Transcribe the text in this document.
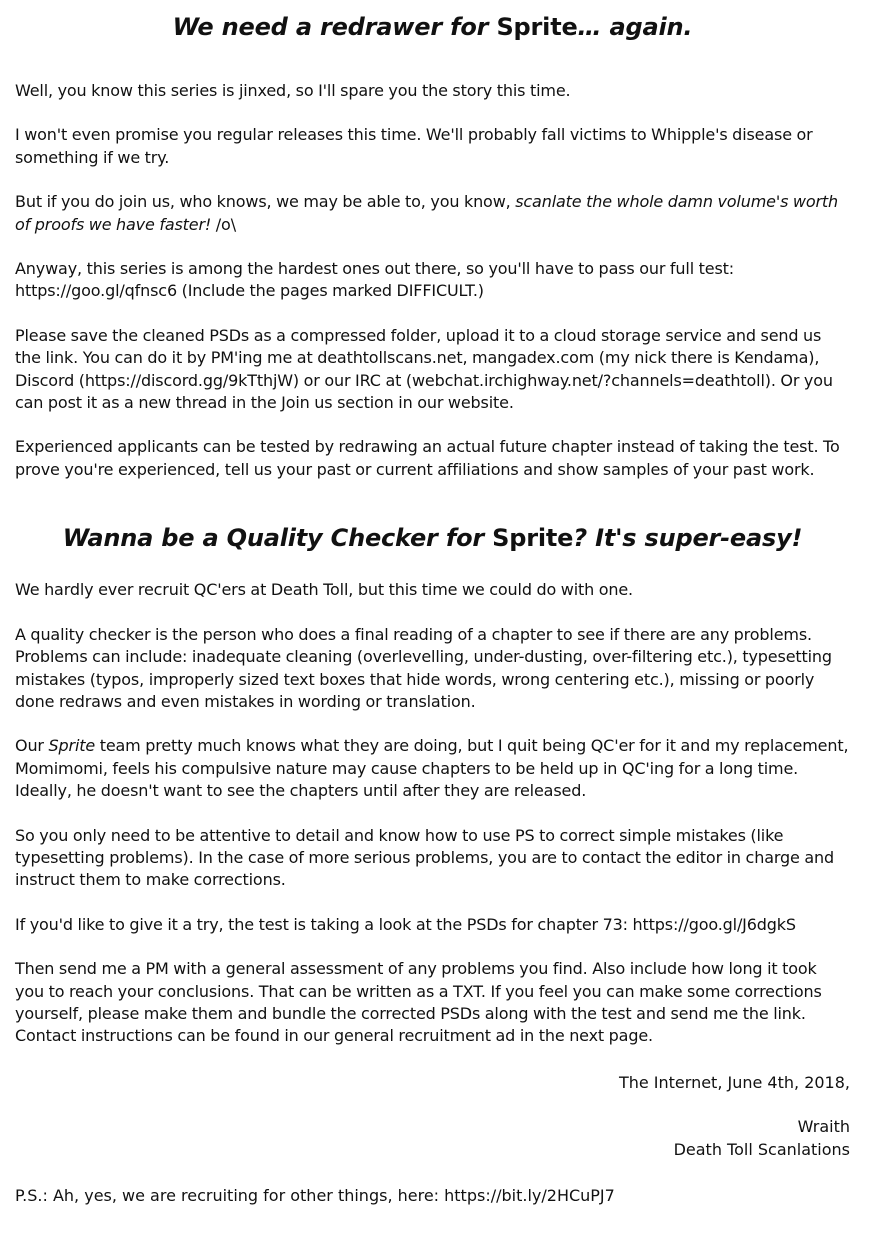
We need a redrawer for Sprite… again.

Well, you know this series is jinxed, so I'll spare you the story this time.

I won't even promise you regular releases this time. We'll probably fall victims to Whipple's disease or something if we try.

But if you do join us, who knows, we may be able to, you know, scanlate the whole damn volume's worth of proofs we have faster! /o\

Anyway, this series is among the hardest ones out there, so you'll have to pass our full test: https://goo.gl/qfnsc6 (Include the pages marked DIFFICULT.)

Please save the cleaned PSDs as a compressed folder, upload it to a cloud storage service and send us the link. You can do it by PM'ing me at deathtollscans.net, mangadex.com (my nick there is Kendama), Discord (https://discord.gg/9kTthjW) or our IRC at (webchat.irchighway.net/?channels=deathtoll). Or you can post it as a new thread in the Join us section in our website.

Experienced applicants can be tested by redrawing an actual future chapter instead of taking the test. To prove you're experienced, tell us your past or current affiliations and show samples of your past work.

Wanna be a Quality Checker for Sprite? It's super-easy!

We hardly ever recruit QC'ers at Death Toll, but this time we could do with one.

A quality checker is the person who does a final reading of a chapter to see if there are any problems. Problems can include: inadequate cleaning (overlevelling, under-dusting, over-filtering etc.), typesetting mistakes (typos, improperly sized text boxes that hide words, wrong centering etc.), missing or poorly done redraws and even mistakes in wording or translation.

Our Sprite team pretty much knows what they are doing, but I quit being QC'er for it and my replacement, Momimomi, feels his compulsive nature may cause chapters to be held up in QC'ing for a long time. Ideally, he doesn't want to see the chapters until after they are released.

So you only need to be attentive to detail and know how to use PS to correct simple mistakes (like typesetting problems). In the case of more serious problems, you are to contact the editor in charge and instruct them to make corrections.

If you'd like to give it a try, the test is taking a look at the PSDs for chapter 73: https://goo.gl/J6dgkS

Then send me a PM with a general assessment of any problems you find. Also include how long it took you to reach your conclusions. That can be written as a TXT. If you feel you can make some corrections yourself, please make them and bundle the corrected PSDs along with the test and send me the link. Contact instructions can be found in our general recruitment ad in the next page.

The Internet, June 4th, 2018,

Wraith

Death Toll Scanlations

P.S.: Ah, yes, we are recruiting for other things, here: https://bit.ly/2HCuPJ7
